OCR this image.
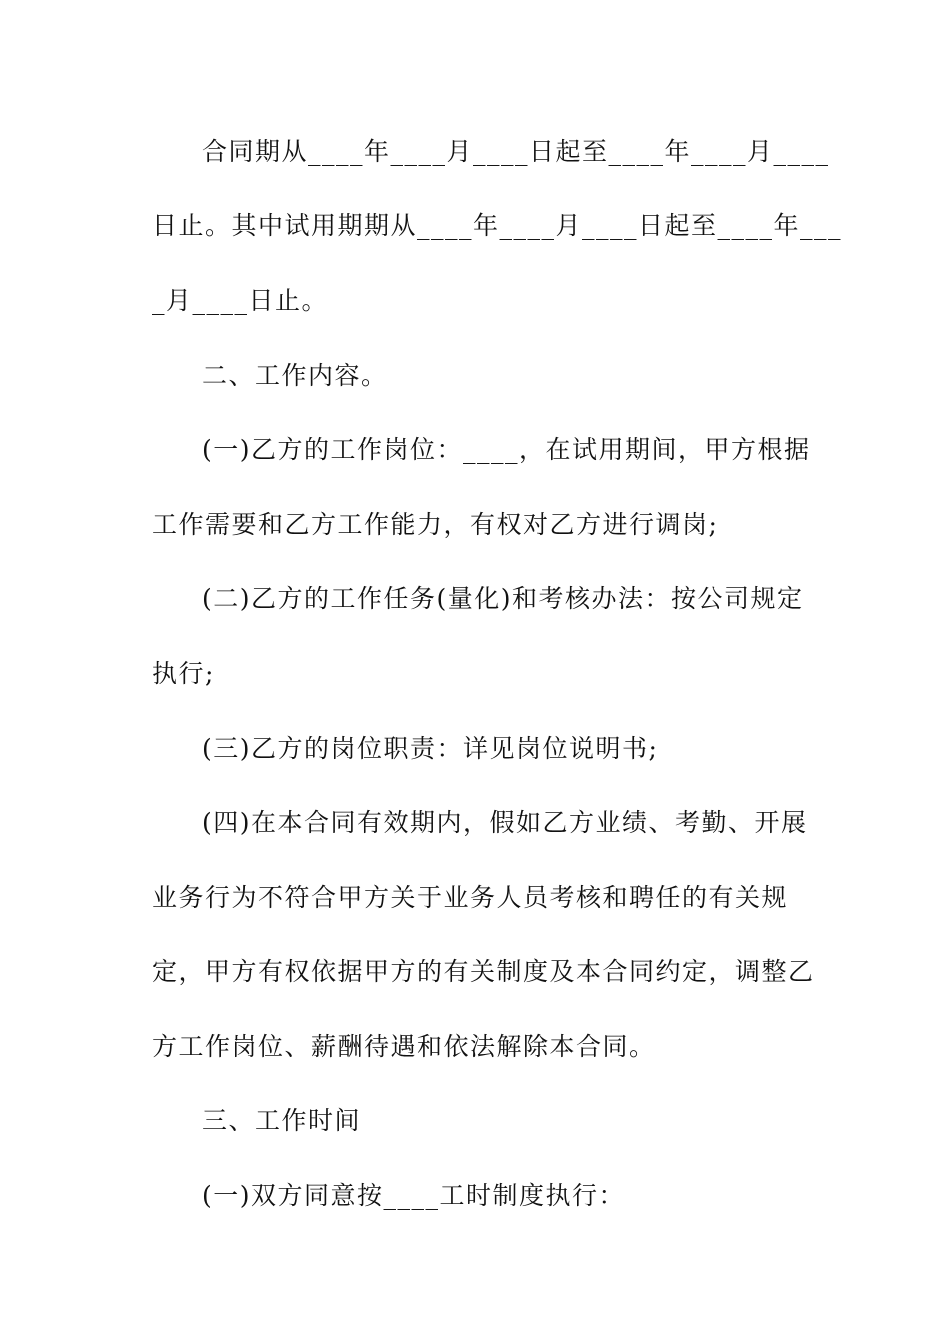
合同期从____年____月____日起至____年____月____
日止。其中试用期期从____年____月____日起至____年___
_月____日止。
二、工作内容。
(一)乙方的工作岗位：____，在试用期间，甲方根据
工作需要和乙方工作能力，有权对乙方进行调岗;
(二)乙方的工作任务(量化)和考核办法：按公司规定
执行;
(三)乙方的岗位职责：详见岗位说明书;
(四)在本合同有效期内，假如乙方业绩、考勤、开展
业务行为不符合甲方关于业务人员考核和聘任的有关规
定，甲方有权依据甲方的有关制度及本合同约定，调整乙
方工作岗位、薪酬待遇和依法解除本合同。
三、工作时间
(一)双方同意按____工时制度执行：
